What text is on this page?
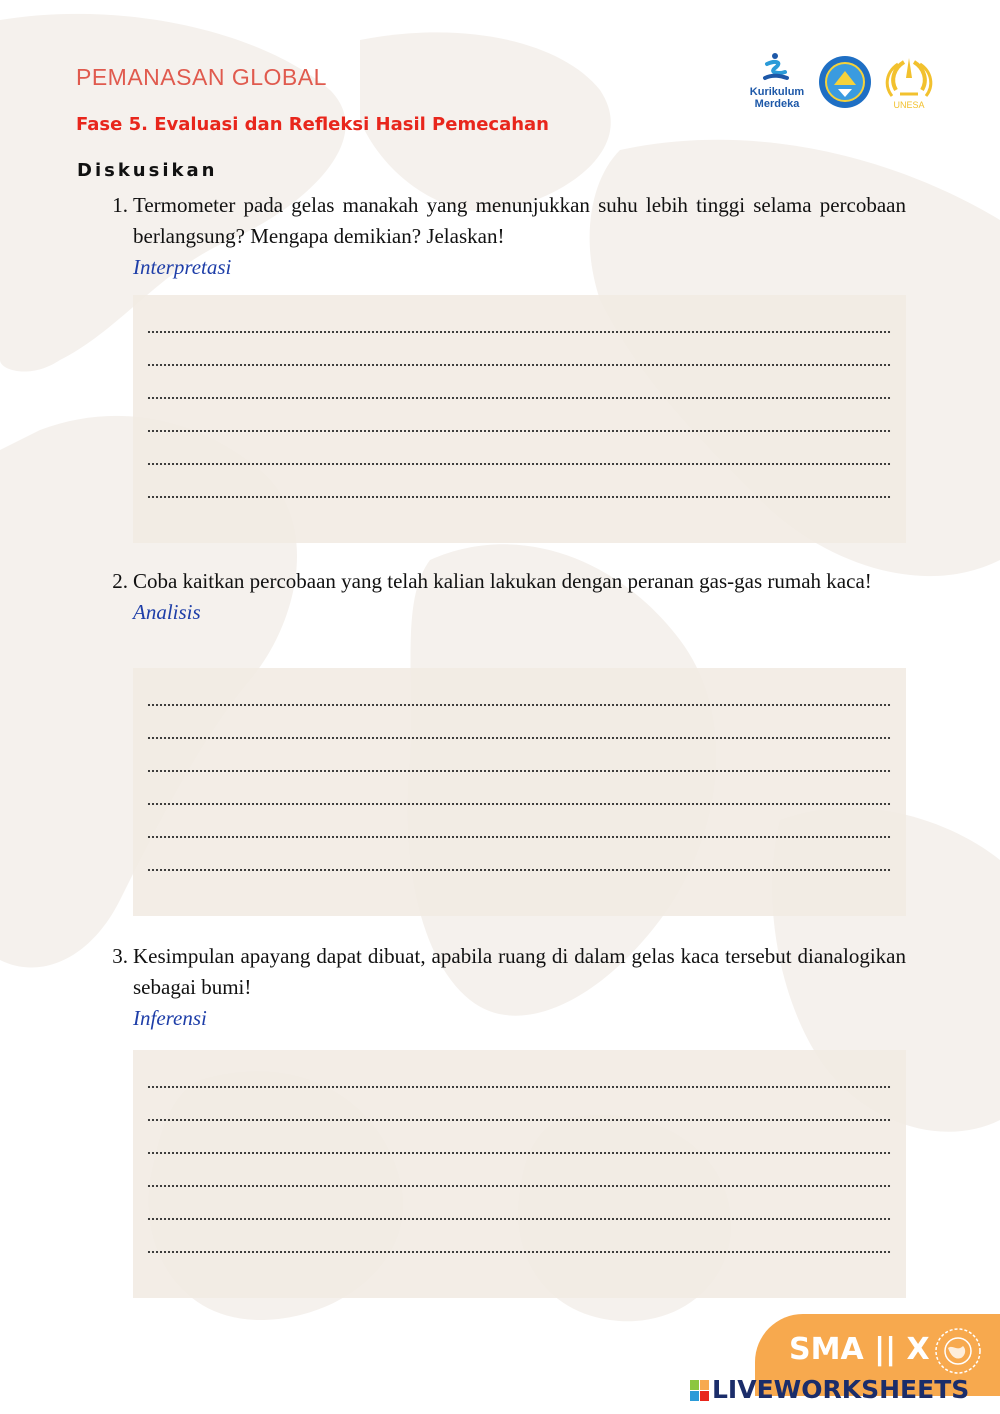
PEMANASAN GLOBAL
Fase 5. Evaluasi dan Refleksi Hasil Pemecahan
Diskusikan
Kurikulum
Merdeka	UNESA
1. Termometer pada gelas manakah yang menunjukkan suhu lebih tinggi selama percobaan berlangsung? Mengapa demikian? Jelaskan!
Interpretasi
2. Coba kaitkan percobaan yang telah kalian lakukan dengan peranan gas-gas rumah kaca!
Analisis
3. Kesimpulan apayang dapat dibuat, apabila ruang di dalam gelas kaca tersebut dianalogikan sebagai bumi!
Inferensi
SMA || X
LIVEWORKSHEETS
